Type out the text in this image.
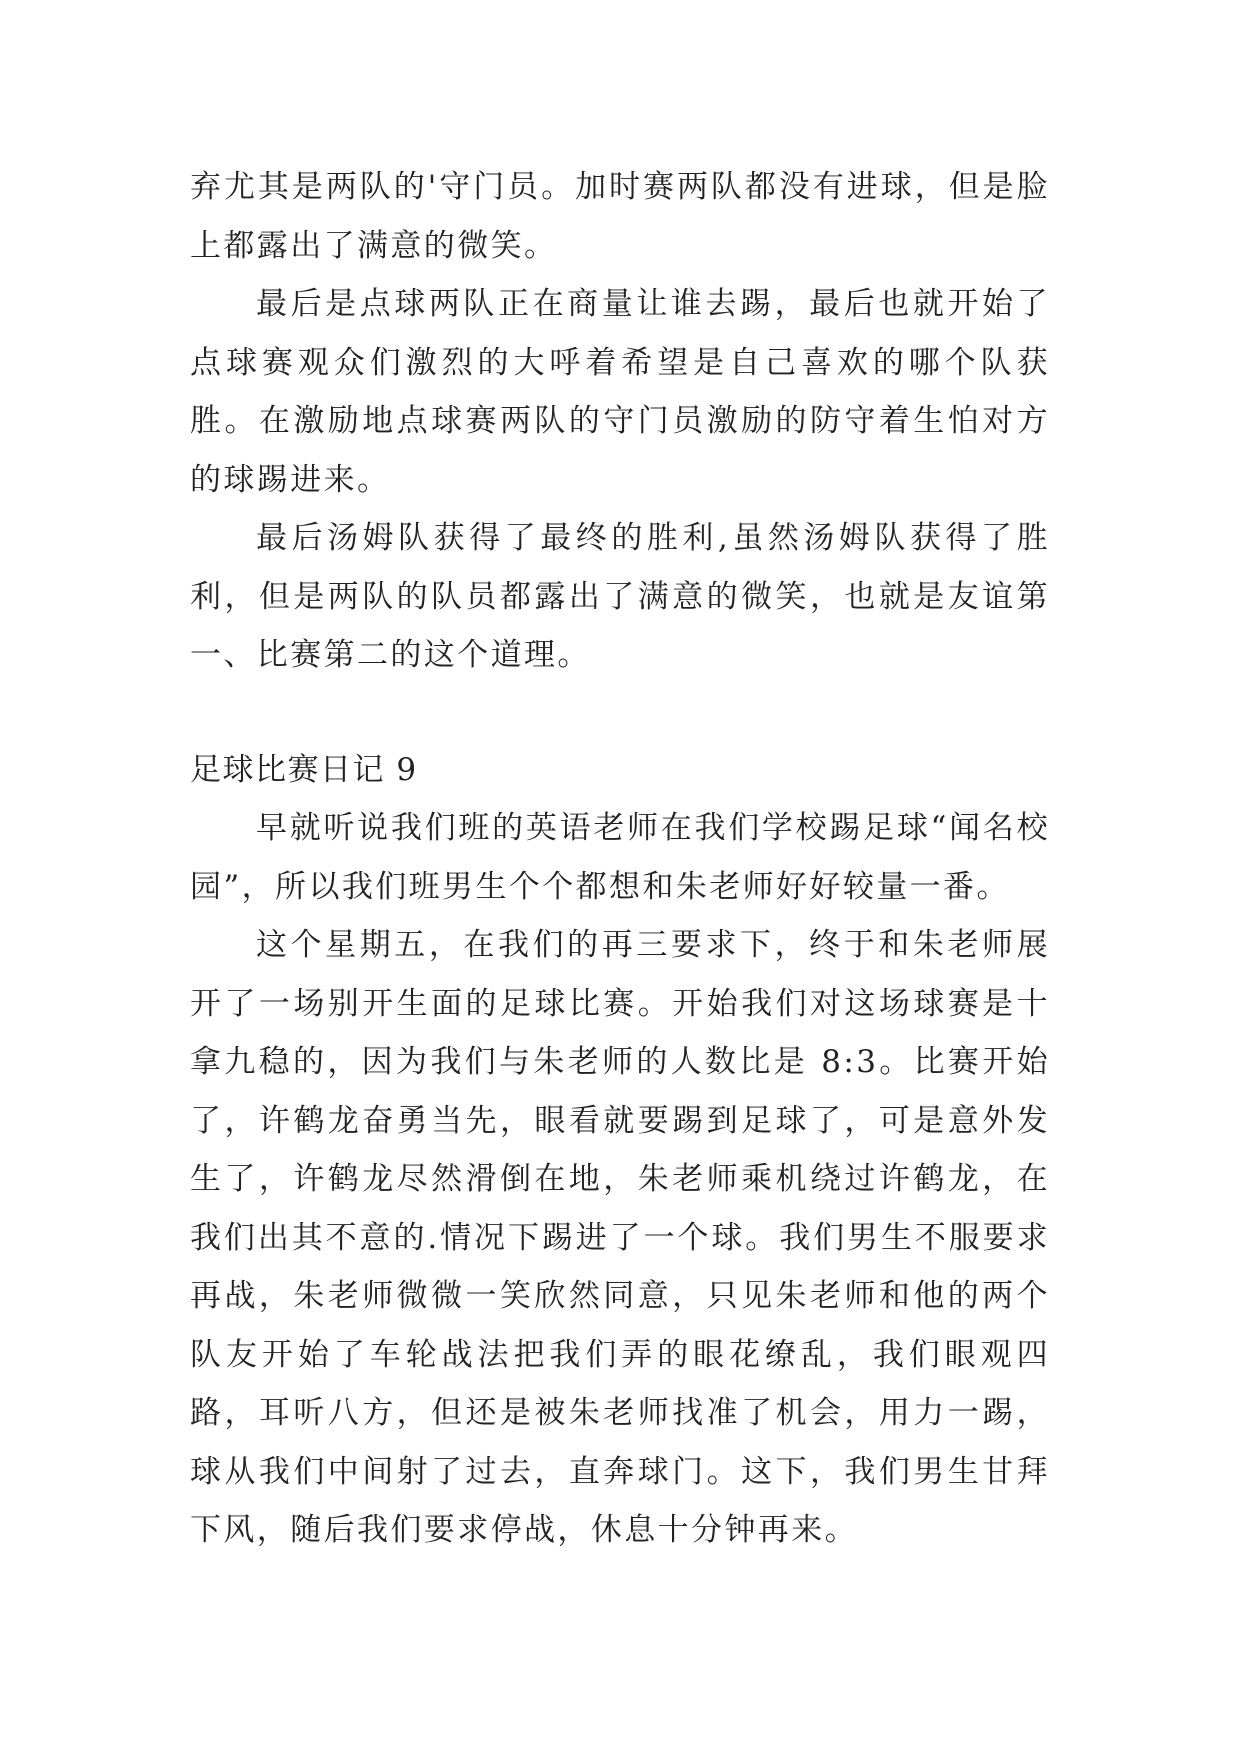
弃尤其是两队的'守门员。加时赛两队都没有进球，但是脸上都露出了满意的微笑。

最后是点球两队正在商量让谁去踢，最后也就开始了点球赛观众们激烈的大呼着希望是自己喜欢的哪个队获胜。在激励地点球赛两队的守门员激励的防守着生怕对方的球踢进来。

最后汤姆队获得了最终的胜利,虽然汤姆队获得了胜利，但是两队的队员都露出了满意的微笑，也就是友谊第一、比赛第二的这个道理。

足球比赛日记 9

早就听说我们班的英语老师在我们学校踢足球“闻名校园”，所以我们班男生个个都想和朱老师好好较量一番。

这个星期五，在我们的再三要求下，终于和朱老师展开了一场别开生面的足球比赛。开始我们对这场球赛是十拿九稳的，因为我们与朱老师的人数比是 8:3。比赛开始了，许鹤龙奋勇当先，眼看就要踢到足球了，可是意外发生了，许鹤龙尽然滑倒在地，朱老师乘机绕过许鹤龙，在我们出其不意的.情况下踢进了一个球。我们男生不服要求再战，朱老师微微一笑欣然同意，只见朱老师和他的两个队友开始了车轮战法把我们弄的眼花缭乱，我们眼观四路，耳听八方，但还是被朱老师找准了机会，用力一踢，球从我们中间射了过去，直奔球门。这下，我们男生甘拜下风，随后我们要求停战，休息十分钟再来。
